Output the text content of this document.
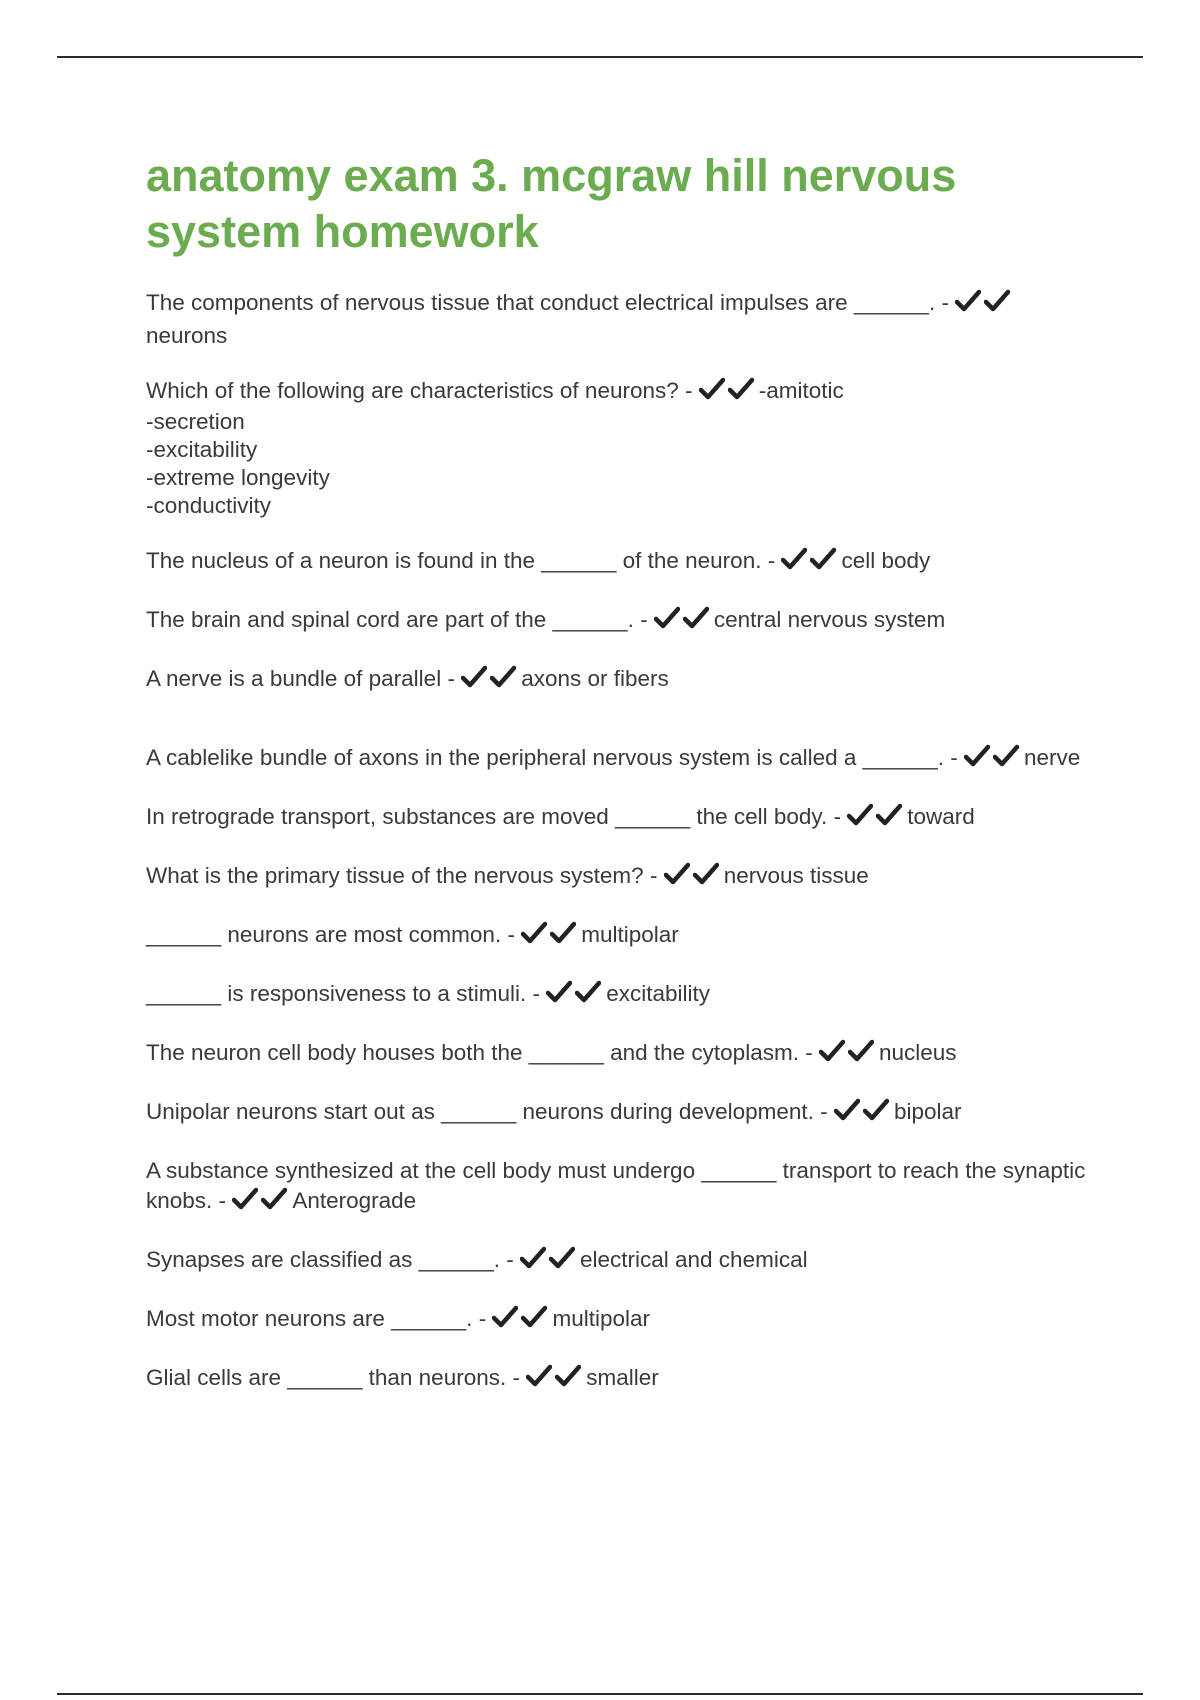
anatomy exam 3. mcgraw hill nervous system homework

The components of nervous tissue that conduct electrical impulses are ______. -
neurons

Which of the following are characteristics of neurons? -	-amitotic
-secretion
-excitability
-extreme longevity
-conductivity

The nucleus of a neuron is found in the ______ of the neuron. -	cell body

The brain and spinal cord are part of the ______. -	central nervous system

A nerve is a bundle of parallel -	axons or fibers

A cablelike bundle of axons in the peripheral nervous system is called a ______. -	nerve

In retrograde transport, substances are moved ______ the cell body. -	toward

What is the primary tissue of the nervous system? -	nervous tissue

______ neurons are most common. -	multipolar

______ is responsiveness to a stimuli. -	excitability

The neuron cell body houses both the ______ and the cytoplasm. -	nucleus

Unipolar neurons start out as ______ neurons during development. -	bipolar

A substance synthesized at the cell body must undergo ______ transport to reach the synaptic knobs. -	Anterograde

Synapses are classified as ______. -	electrical and chemical

Most motor neurons are ______. -	multipolar

Glial cells are ______ than neurons. -	smaller
